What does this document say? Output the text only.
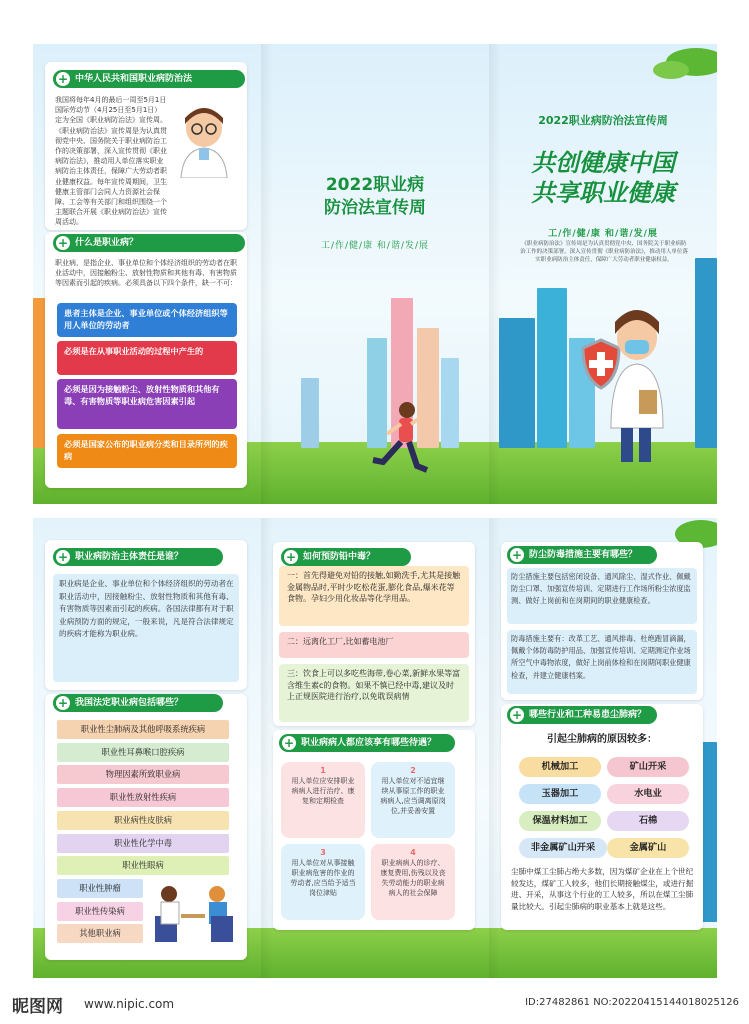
+ 中华人民共和国职业病防治法
我国将每年4月的最后一周至5月1日国际劳动节（4月25日至5月1日）定为全国《职业病防治法》宣传周。《职业病防治法》宣传周是为认真贯彻党中央、国务院关于职业病防治工作的决策部署，深入宣传贯彻《职业病防治法》，推动用人单位落实职业病防治主体责任，保障广大劳动者职业健康权益。每年宣传周期间，卫生健康主管部门会同人力资源社会保障、工会等有关部门和组织围绕一个主题联合开展《职业病防治法》宣传周活动。
+ 什么是职业病？
职业病，是指企业、事业单位和个体经济组织的劳动者在职业活动中，因接触粉尘、放射性物质和其他有毒、有害物质等因素而引起的疾病。必须具备以下四个条件，缺一不可：
患者主体是企业、事业单位或个体经济组织等用人单位的劳动者
必须是在从事职业活动的过程中产生的
必须是因为接触粉尘、放射性物质和其他有毒、有害物质等职业病危害因素引起
必须是国家公布的职业病分类和目录所列的疾病
2022职业病
防治法宣传周
工/作/健/康 和/谐/发/展
2022职业病防治法宣传周
共创健康中国
共享职业健康
工/作/健/康 和/谐/发/展
《职业病防治法》宣传周是为认真贯彻党中央、国务院关于职业病防治工作的决策部署，深入宣传贯彻《职业病防治法》，推动用人单位落实职业病防治主体责任，保障广大劳动者职业健康权益。
+ 职业病防治主体责任是谁？
职业病是企业、事业单位和个体经济组织的劳动者在职业活动中，因接触粉尘、放射性物质和其他有毒、有害物质等因素而引起的疾病。各国法律都有对于职业病预防方面的规定，一般来说，凡是符合法律规定的疾病才能称为职业病。
+ 我国法定职业病包括哪些？
职业性尘肺病及其他呼吸系统疾病
职业性耳鼻喉口腔疾病
物理因素所致职业病
职业性放射性疾病
职业病性皮肤病
职业性化学中毒
职业性眼病
职业性肿瘤
职业性传染病
其他职业病
+ 如何预防铅中毒？
+ 职业病病人都应该享有哪些待遇？
一：首先得避免对铅的接触,如勤洗手,尤其是接触金属物品时,平时少吃松花蛋,膨化食品,爆米花等食物。孕妇少用化妆品等化学用品。
二：远离化工厂,比如蓄电池厂
三：饮食上可以多吃些海带,卷心菜,新鲜水果等富含维生素c的食物。如果不慎已经中毒,建议及时上正规医院进行治疗,以免耽误病情
1
用人单位应安排职业病病人进行治疗、康复和定期检查
2
用人单位对不适宜继续从事原工作的职业病病人,应当调离原岗位,并妥善安置
3
用人单位对从事接触职业病危害的作业的劳动者,应当给予适当岗位津贴
4
职业病病人的诊疗、康复费用,伤残以及丧失劳动能力的职业病病人的社会保障
+ 防尘防毒措施主要有哪些？
防尘措施主要包括密闭设备、通风除尘、湿式作业、佩戴防尘口罩、加强宣传培训、定期进行工作场所粉尘浓度监测、做好上岗前和在岗期间的职业健康检查。
防毒措施主要有：改革工艺、通风排毒、杜绝跑冒滴漏，佩戴个体防毒防护用品、加强宣传培训、定期测定作业场所空气中毒物浓度，做好上岗前体检和在岗期间职业健康检查，并建立健康档案。
+ 哪些行业和工种易患尘肺病？
引起尘肺病的原因较多：
尘肺中煤工尘肺占绝大多数，因为煤矿企业在上个世纪较发达，煤矿工人较多，他们长期接触煤尘，或进行掘进、开采，从事这个行业的工人较多，所以在煤工尘肺量比较大。引起尘肺病的职业基本上就是这些。
机械加工	矿山开采
玉器加工	水电业
保温材料加工	石棉
非金属矿山开采	金属矿山
昵图网 www.nipic.com	ID:27482861 NO:20220415144018025126
